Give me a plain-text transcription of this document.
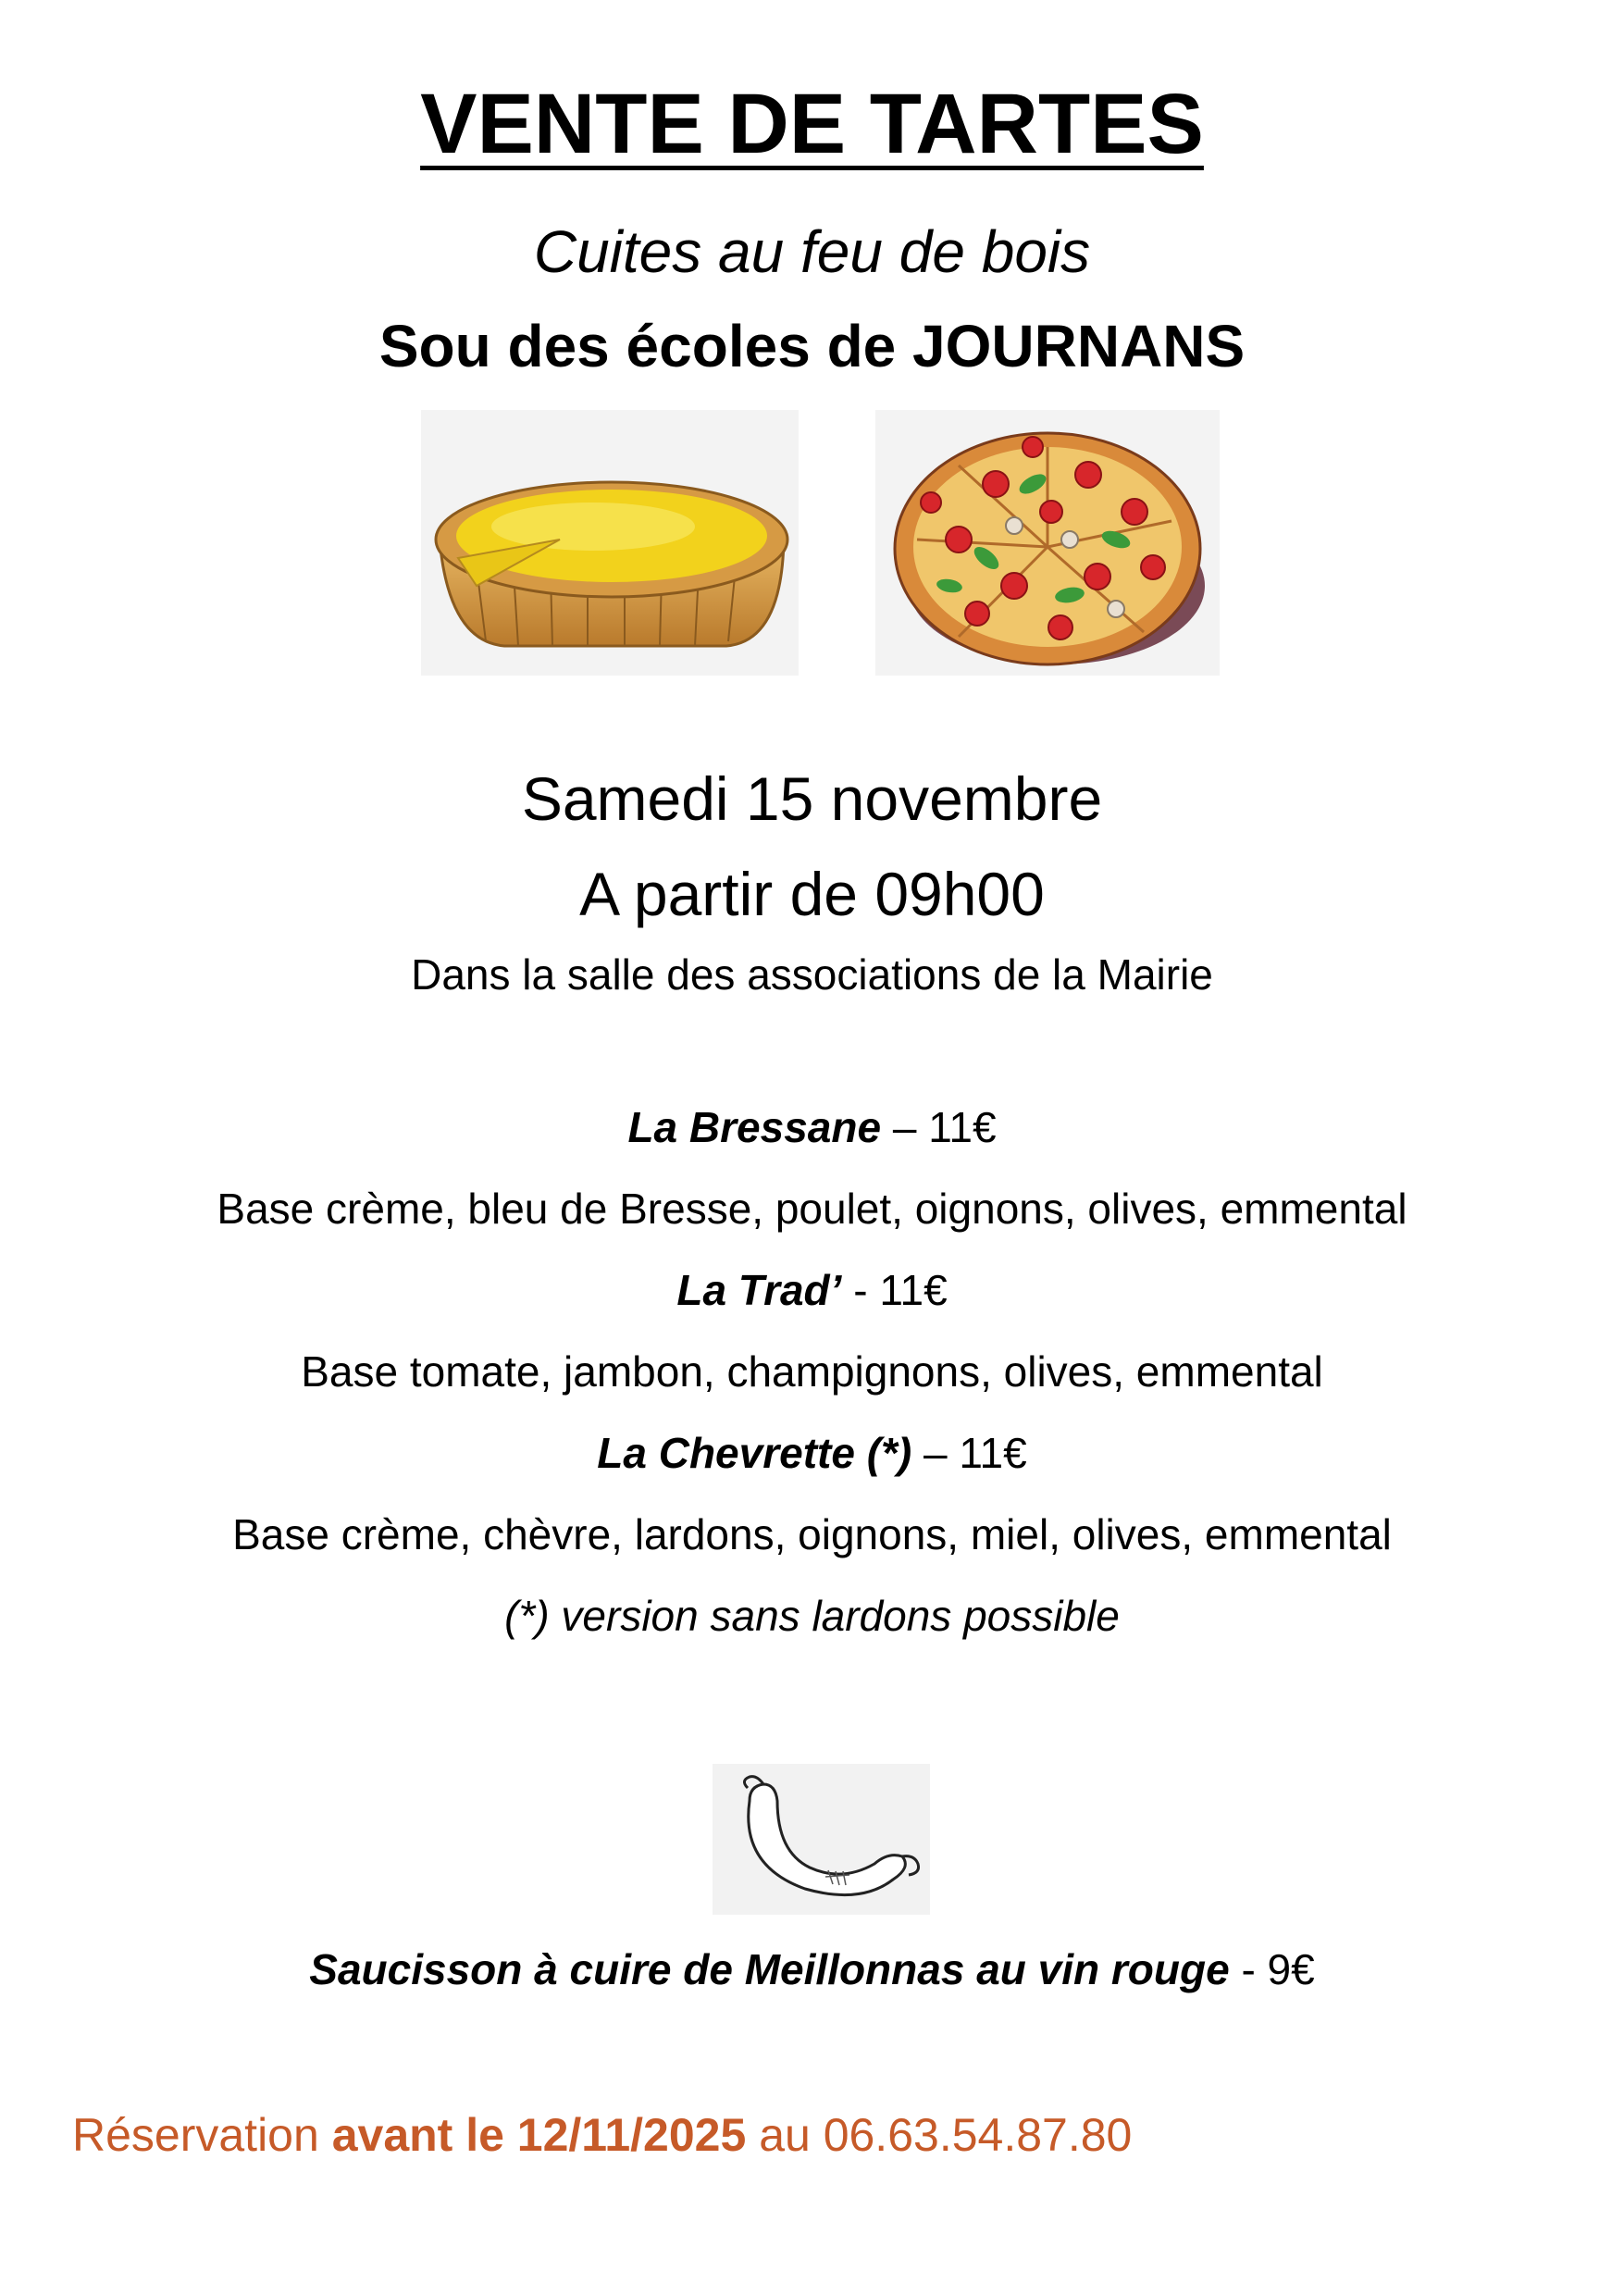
VENTE DE TARTES
Cuites au feu de bois
Sou des écoles de JOURNANS
Samedi 15 novembre
A partir de 09h00
Dans la salle des associations de la Mairie
La Bressane – 11€
Base crème, bleu de Bresse, poulet, oignons, olives, emmental
La Trad’ - 11€
Base tomate, jambon, champignons, olives, emmental
La Chevrette (*) – 11€
Base crème, chèvre, lardons, oignons, miel, olives, emmental
(*) version sans lardons possible
Saucisson à cuire de Meillonnas au vin rouge - 9€
Réservation avant le 12/11/2025 au 06.63.54.87.80
